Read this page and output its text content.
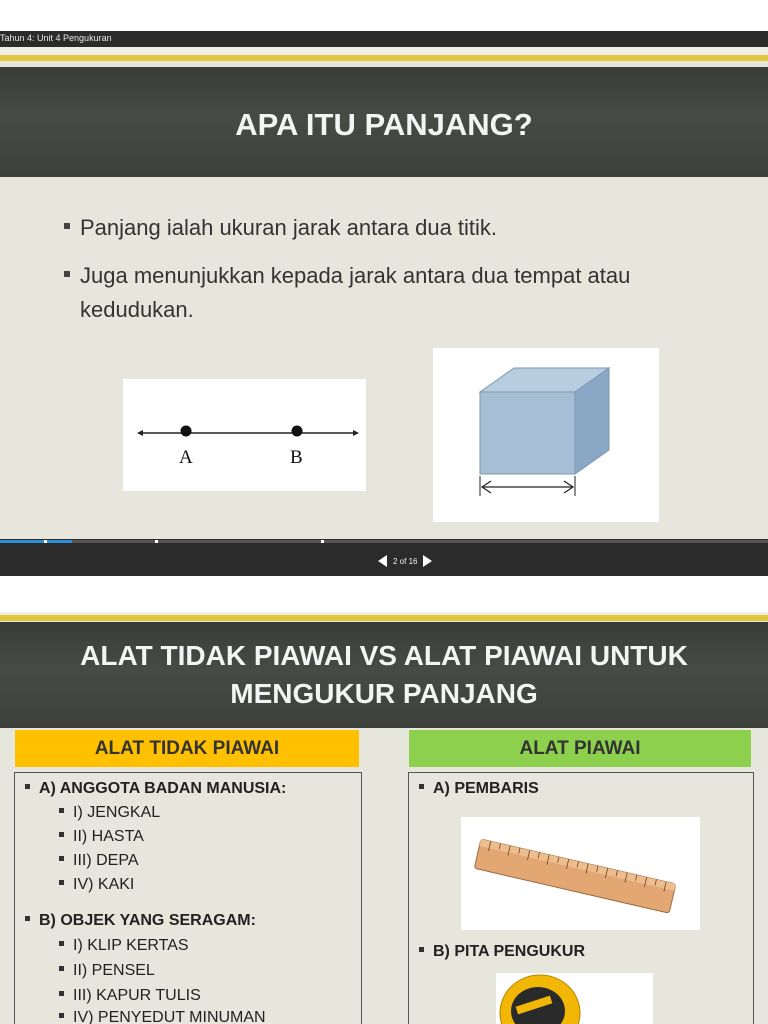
Tahun 4: Unit 4 Pengukuran
APA ITU PANJANG?
Panjang ialah ukuran jarak antara dua titik.
Juga menunjukkan kepada jarak antara dua tempat atau
kedudukan.
A	B
2 of 16
ALAT TIDAK PIAWAI VS ALAT PIAWAI UNTUK
MENGUKUR PANJANG
ALAT TIDAK PIAWAI
A) ANGGOTA BADAN MANUSIA:
I) JENGKAL
II) HASTA
III) DEPA
IV) KAKI
B) OBJEK YANG SERAGAM:
I) KLIP KERTAS
II) PENSEL
III) KAPUR TULIS
IV) PENYEDUT MINUMAN
ALAT PIAWAI
A) PEMBARIS
B) PITA PENGUKUR
